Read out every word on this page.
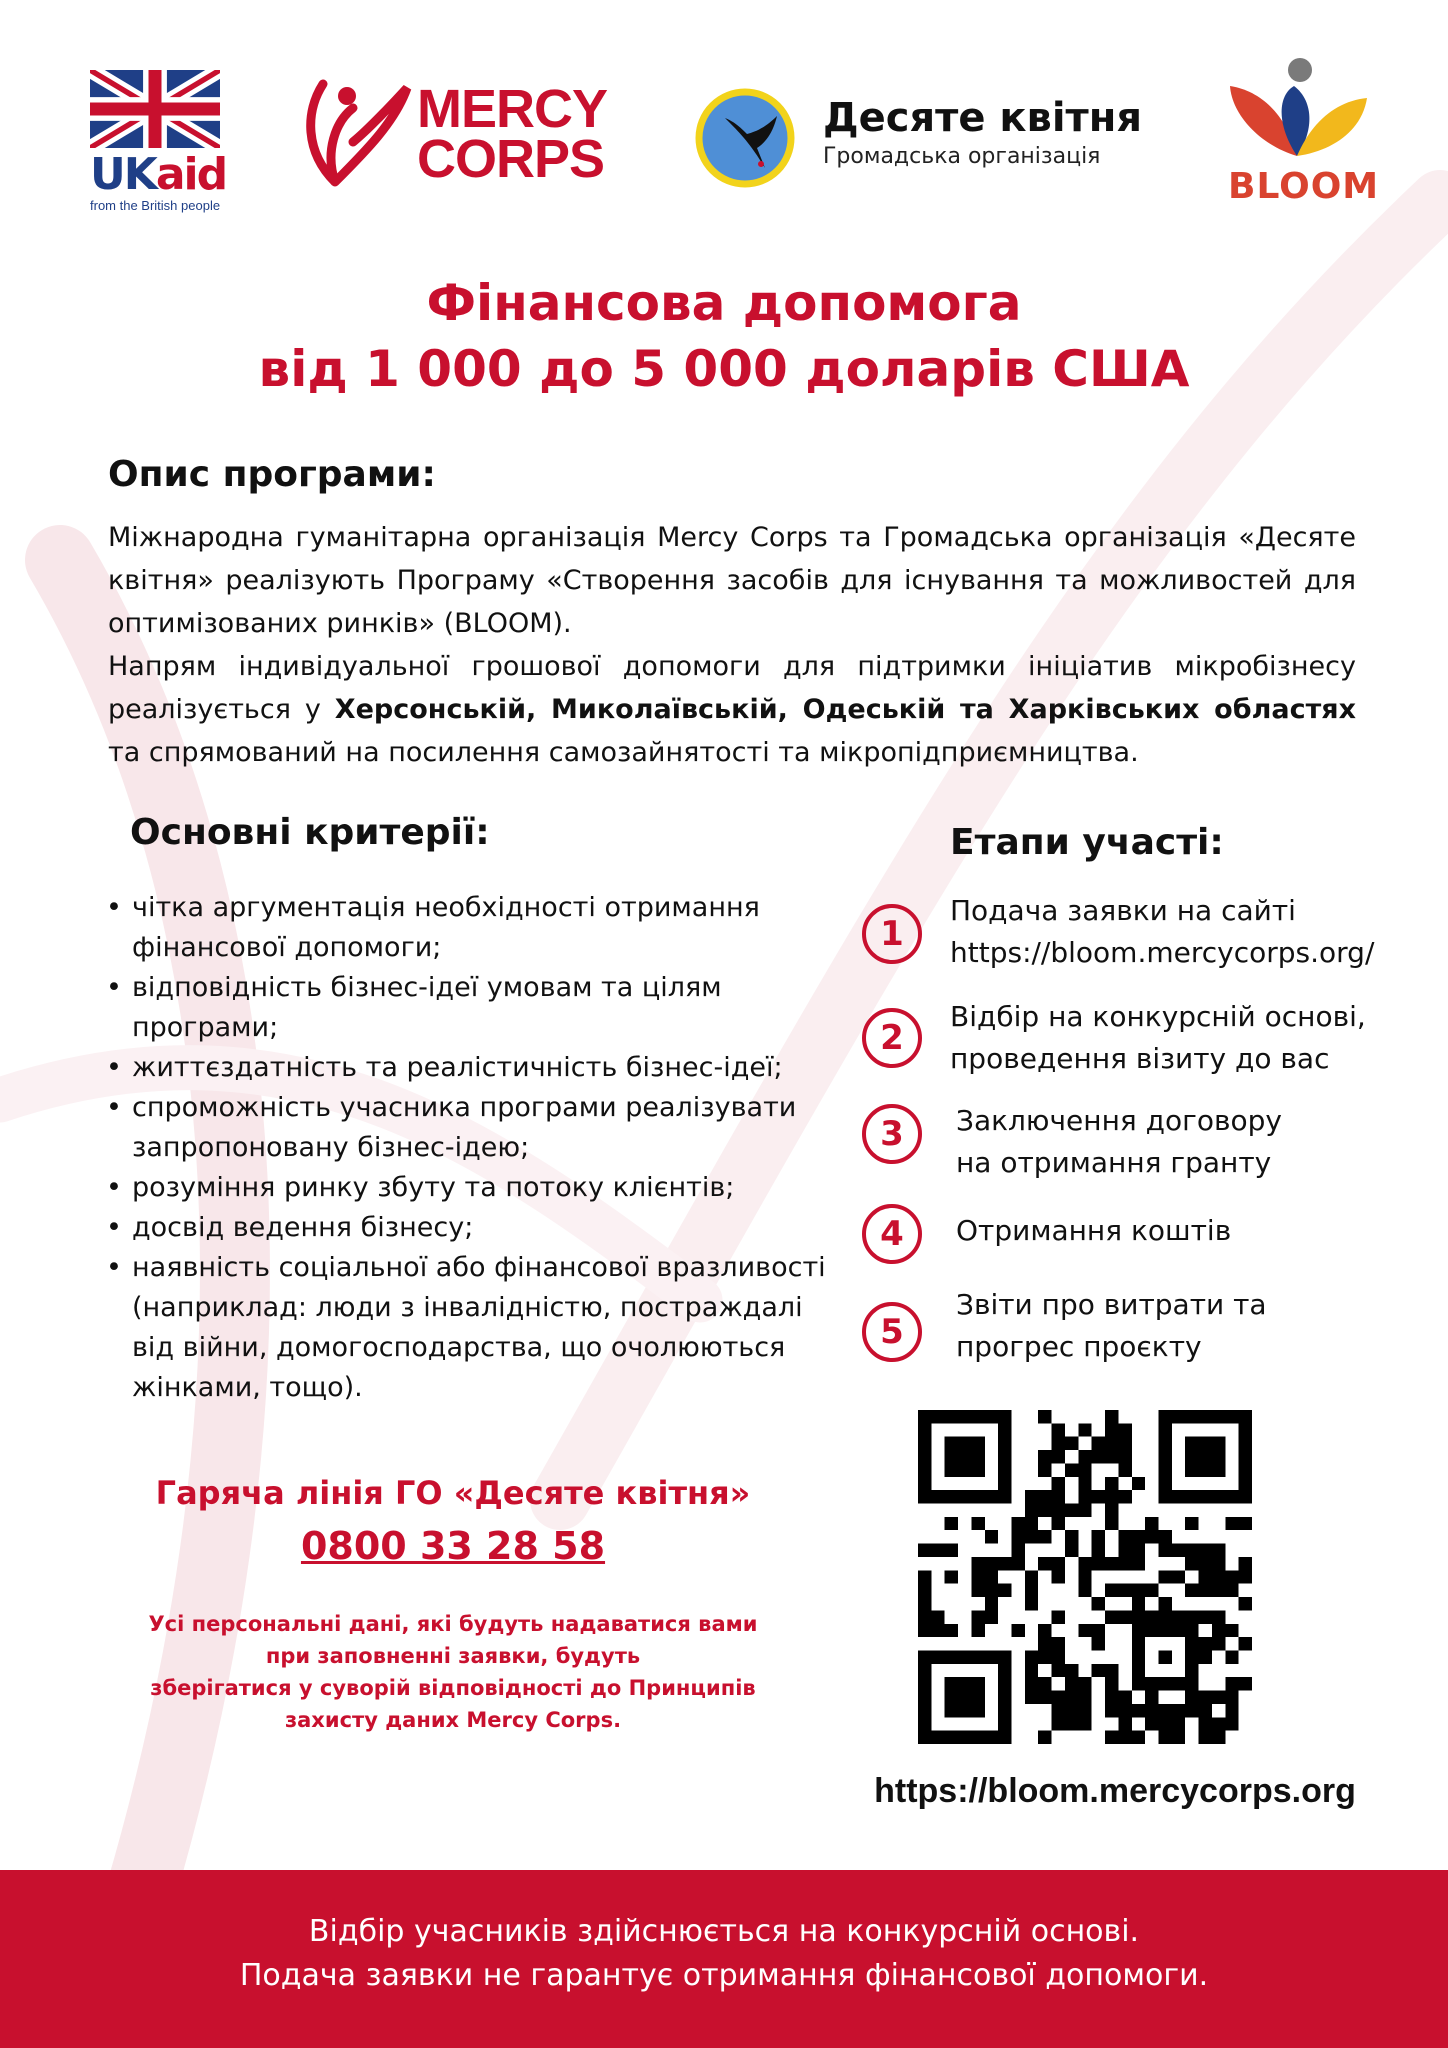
UKaid
from the British people
MERCY
CORPS
Десяте квітня
Громадська організація
BLOOM
Фінансова допомога
від 1 000 до 5 000 доларів США
Опис програми:

Міжнародна гуманітарна організація Mercy Corps та Громадська організація «Десяте квітня» реалізують Програму «Створення засобів для існування та можливостей для оптимізованих ринків» (BLOOM).

Напрям індивідуальної грошової допомоги для підтримки ініціатив мікробізнесу реалізується у Херсонській, Миколаївській, Одеській та Харківських областях та спрямований на посилення самозайнятості та мікропідприємництва.

Основні критерії:
• чітка аргументація необхідності отримання фінансової допомоги;
• відповідність бізнес-ідеї умовам та цілям програми;
• життєздатність та реалістичність бізнес-ідеї;
• спроможність учасника програми реалізувати запропоновану бізнес-ідею;
• розуміння ринку збуту та потоку клієнтів;
• досвід ведення бізнесу;
• наявність соціальної або фінансової вразливості (наприклад: люди з інвалідністю, постраждалі від війни, домогосподарства, що очолюються жінками, тощо).
Етапи участі:
1
Подача заявки на сайті
https://bloom.mercycorps.org/
2
Відбір на конкурсній основі,
проведення візиту до вас
3	Заключення договору
на отримання гранту
4	Отримання коштів
5
Звіти про витрати та
прогрес проєкту
Гаряча лінія ГО «Десяте квітня»
0800 33 28 58
Усі персональні дані, які будуть надаватися вами
при заповненні заявки, будуть
зберігатися у суворій відповідності до Принципів
захисту даних Mercy Corps.
https://bloom.mercycorps.org
Відбір учасників здійснюється на конкурсній основі.
Подача заявки не гарантує отримання фінансової допомоги.
